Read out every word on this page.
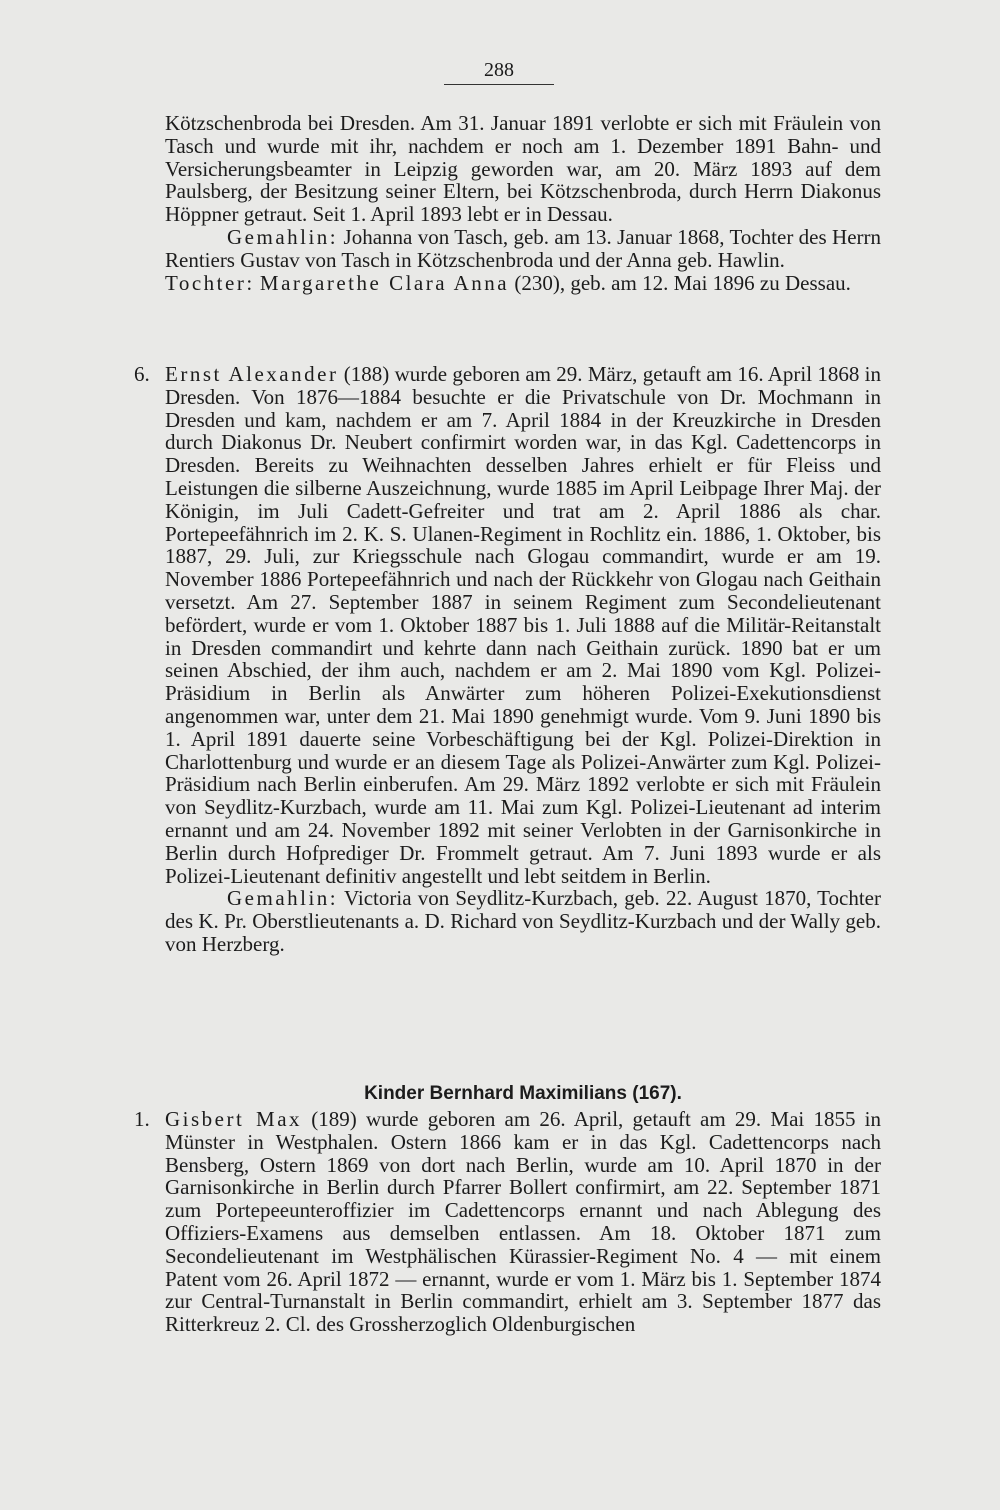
288

Kötzschenbroda bei Dresden. Am 31. Januar 1891 verlobte er sich mit Fräulein von Tasch und wurde mit ihr, nachdem er noch am 1. Dezember 1891 Bahn- und Versicherungsbeamter in Leipzig geworden war, am 20. März 1893 auf dem Paulsberg, der Besitzung seiner Eltern, bei Kötzschenbroda, durch Herrn Diakonus Höppner getraut. Seit 1. April 1893 lebt er in Dessau.

Gemahlin: Johanna von Tasch, geb. am 13. Januar 1868, Tochter des Herrn Rentiers Gustav von Tasch in Kötzschenbroda und der Anna geb. Hawlin.

Tochter: Margarethe Clara Anna (230), geb. am 12. Mai 1896 zu Dessau.

6. Ernst Alexander (188) wurde geboren am 29. März, getauft am 16. April 1868 in Dresden. Von 1876—1884 besuchte er die Privatschule von Dr. Mochmann in Dresden und kam, nachdem er am 7. April 1884 in der Kreuzkirche in Dresden durch Diakonus Dr. Neubert confirmirt worden war, in das Kgl. Cadettencorps in Dresden. Bereits zu Weihnachten desselben Jahres erhielt er für Fleiss und Leistungen die silberne Auszeichnung, wurde 1885 im April Leibpage Ihrer Maj. der Königin, im Juli Cadett-Gefreiter und trat am 2. April 1886 als char. Portepeefähnrich im 2. K. S. Ulanen-Regiment in Rochlitz ein. 1886, 1. Oktober, bis 1887, 29. Juli, zur Kriegsschule nach Glogau commandirt, wurde er am 19. November 1886 Portepeefähnrich und nach der Rückkehr von Glogau nach Geithain versetzt. Am 27. September 1887 in seinem Regiment zum Secondelieutenant befördert, wurde er vom 1. Oktober 1887 bis 1. Juli 1888 auf die Militär-Reitanstalt in Dresden commandirt und kehrte dann nach Geithain zurück. 1890 bat er um seinen Abschied, der ihm auch, nachdem er am 2. Mai 1890 vom Kgl. Polizei-Präsidium in Berlin als Anwärter zum höheren Polizei-Exekutionsdienst angenommen war, unter dem 21. Mai 1890 genehmigt wurde. Vom 9. Juni 1890 bis 1. April 1891 dauerte seine Vorbeschäftigung bei der Kgl. Polizei-Direktion in Charlottenburg und wurde er an diesem Tage als Polizei-Anwärter zum Kgl. Polizei-Präsidium nach Berlin einberufen. Am 29. März 1892 verlobte er sich mit Fräulein von Seydlitz-Kurzbach, wurde am 11. Mai zum Kgl. Polizei-Lieutenant ad interim ernannt und am 24. November 1892 mit seiner Verlobten in der Garnisonkirche in Berlin durch Hofprediger Dr. Frommelt getraut. Am 7. Juni 1893 wurde er als Polizei-Lieutenant definitiv angestellt und lebt seitdem in Berlin.

Gemahlin: Victoria von Seydlitz-Kurzbach, geb. 22. August 1870, Tochter des K. Pr. Oberstlieutenants a. D. Richard von Seydlitz-Kurzbach und der Wally geb. von Herzberg.

Kinder Bernhard Maximilians (167).

1. Gisbert Max (189) wurde geboren am 26. April, getauft am 29. Mai 1855 in Münster in Westphalen. Ostern 1866 kam er in das Kgl. Cadettencorps nach Bensberg, Ostern 1869 von dort nach Berlin, wurde am 10. April 1870 in der Garnisonkirche in Berlin durch Pfarrer Bollert confirmirt, am 22. September 1871 zum Portepeeunteroffizier im Cadettencorps ernannt und nach Ablegung des Offiziers-Examens aus demselben entlassen. Am 18. Oktober 1871 zum Secondelieutenant im Westphälischen Kürassier-Regiment No. 4 — mit einem Patent vom 26. April 1872 — ernannt, wurde er vom 1. März bis 1. September 1874 zur Central-Turnanstalt in Berlin commandirt, erhielt am 3. September 1877 das Ritterkreuz 2. Cl. des Grossherzoglich Oldenburgischen
